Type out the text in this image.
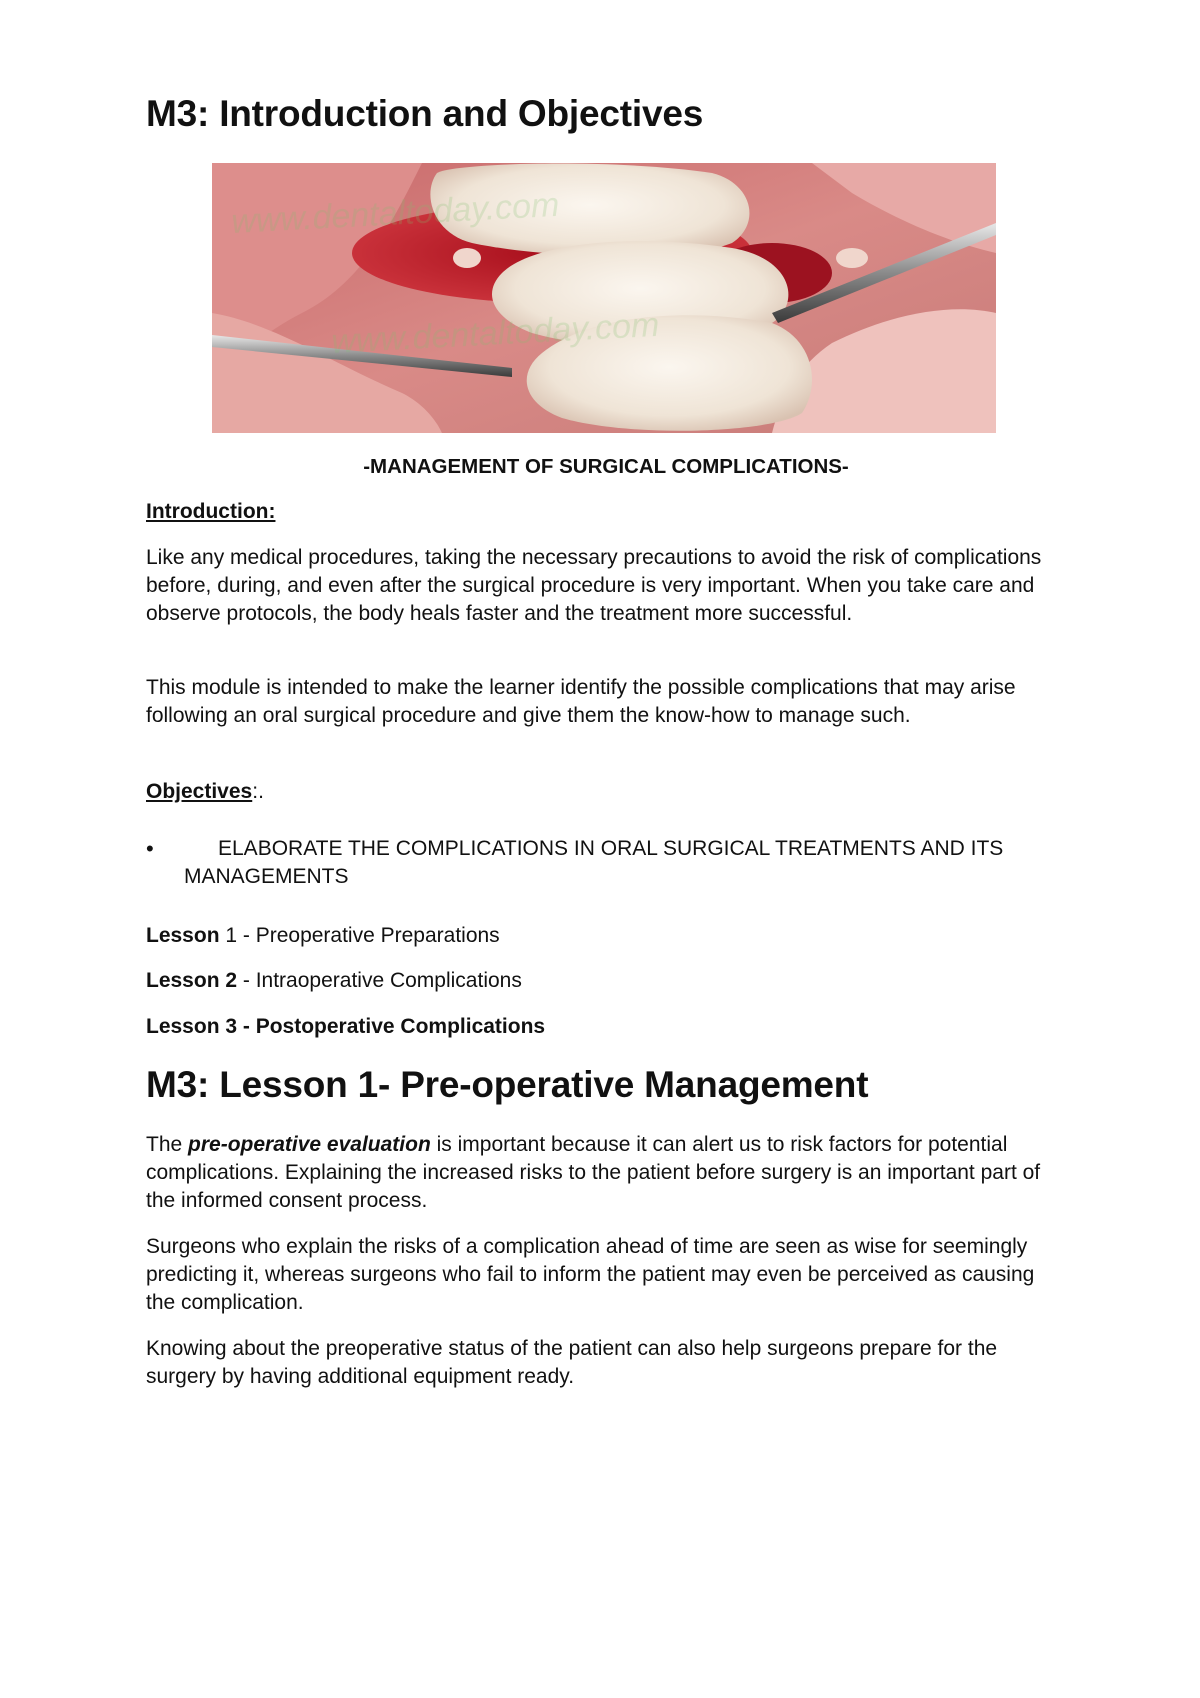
M3: Introduction and Objectives
www.dentaltoday.com
www.dentaltoday.com
-MANAGEMENT OF SURGICAL COMPLICATIONS-
Introduction:

Like any medical procedures, taking the necessary precautions to avoid the risk of complications before, during, and even after the surgical procedure is very important. When you take care and observe protocols, the body heals faster and the treatment more successful.

This module is intended to make the learner identify the possible complications that may arise following an oral surgical procedure and give them the know-how to manage such.

Objectives:.
•	ELABORATE THE COMPLICATIONS IN ORAL SURGICAL TREATMENTS AND ITS MANAGEMENTS
Lesson 1 - Preoperative Preparations
Lesson 2 - Intraoperative Complications
Lesson 3 - Postoperative Complications
M3: Lesson 1- Pre-operative Management

The pre-operative evaluation is important because it can alert us to risk factors for potential complications. Explaining the increased risks to the patient before surgery is an important part of the informed consent process.

Surgeons who explain the risks of a complication ahead of time are seen as wise for seemingly predicting it, whereas surgeons who fail to inform the patient may even be perceived as causing the complication.

Knowing about the preoperative status of the patient can also help surgeons prepare for the surgery by having additional equipment ready.
